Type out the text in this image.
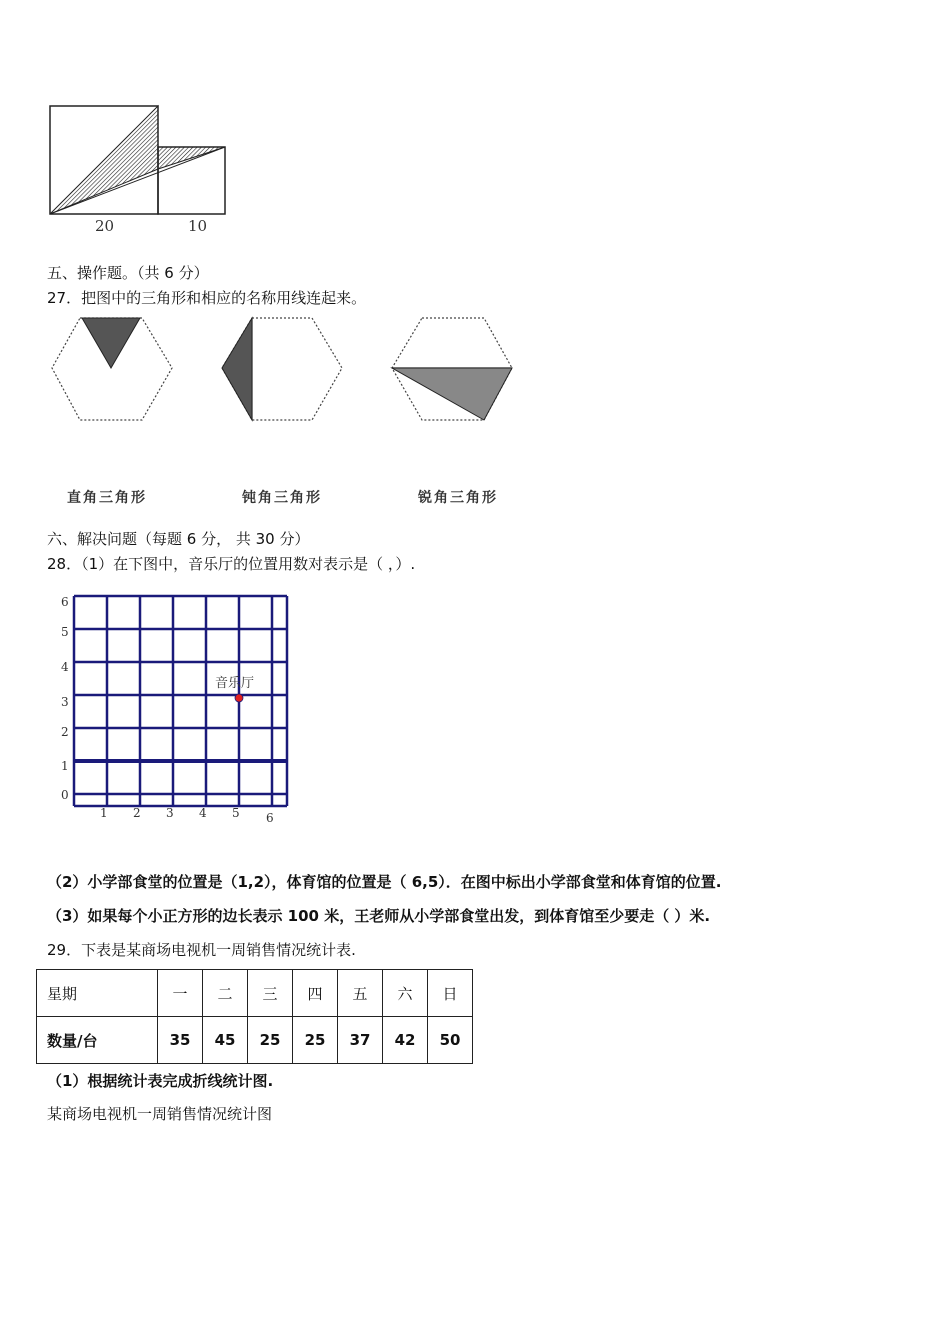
20	10
五、操作题。（共 6 分）
27．把图中的三角形和相应的名称用线连起来。
直角三角形	钝角三角形	锐角三角形
六、解决问题（每题 6 分， 共 30 分）
28．（1）在下图中，音乐厅的位置用数对表示是（ ，）.
音乐厅
0
1
2
3
4
5
6
1 2 3 4 5 6
（2）小学部食堂的位置是（1,2），体育馆的位置是（ 6,5）．在图中标出小学部食堂和体育馆的位置.
（3）如果每个小正方形的边长表示 100 米，王老师从小学部食堂出发，到体育馆至少要走（ ）米.
29．下表是某商场电视机一周销售情况统计表.
星期	一	二	三	四	五	六	日
数量/台	35	45	25	25	37	42	50
（1）根据统计表完成折线统计图.
某商场电视机一周销售情况统计图
